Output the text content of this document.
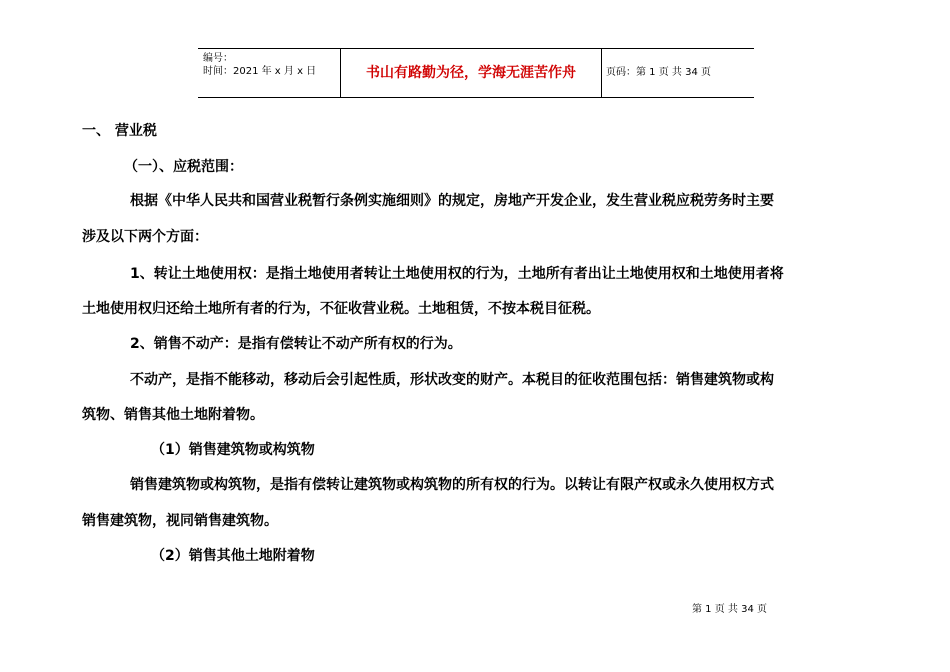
编号：
时间：2021 年 x 月 x 日	书山有路勤为径，学海无涯苦作舟	页码：第 1 页 共 34 页
一、 营业税
（一）、应税范围：
根据《中华人民共和国营业税暂行条例实施细则》的规定，房地产开发企业，发生营业税应税劳务时主要
涉及以下两个方面：
1、转让土地使用权：是指土地使用者转让土地使用权的行为，土地所有者出让土地使用权和土地使用者将
土地使用权归还给土地所有者的行为，不征收营业税。土地租赁，不按本税目征税。
2、销售不动产：是指有偿转让不动产所有权的行为。
不动产，是指不能移动，移动后会引起性质，形状改变的财产。本税目的征收范围包括：销售建筑物或构
筑物、销售其他土地附着物。
（1）销售建筑物或构筑物
销售建筑物或构筑物，是指有偿转让建筑物或构筑物的所有权的行为。以转让有限产权或永久使用权方式
销售建筑物，视同销售建筑物。
（2）销售其他土地附着物
第 1 页 共 34 页
